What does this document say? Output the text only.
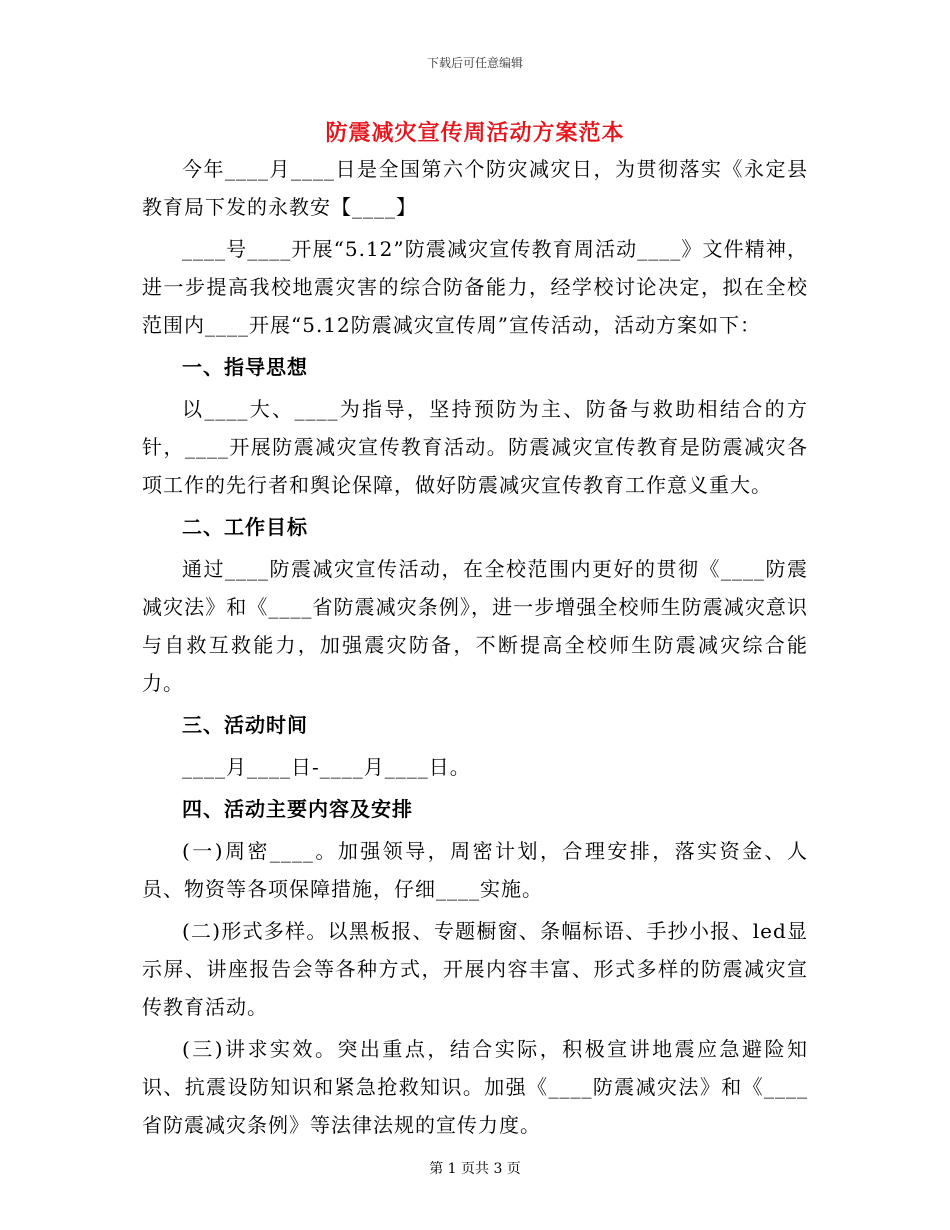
下载后可任意编辑
防震减灾宣传周活动方案范本

今年____月____日是全国第六个防灾减灾日，为贯彻落实《永定县教育局下发的永教安【____】

____号____开展“5.12”防震减灾宣传教育周活动____》文件精神，进一步提高我校地震灾害的综合防备能力，经学校讨论决定，拟在全校范围内____开展“5.12防震减灾宣传周”宣传活动，活动方案如下：

一、指导思想

以____大、____为指导，坚持预防为主、防备与救助相结合的方针，____开展防震减灾宣传教育活动。防震减灾宣传教育是防震减灾各项工作的先行者和舆论保障，做好防震减灾宣传教育工作意义重大。

二、工作目标

通过____防震减灾宣传活动，在全校范围内更好的贯彻《____防震减灾法》和《____省防震减灾条例》，进一步增强全校师生防震减灾意识与自救互救能力，加强震灾防备，不断提高全校师生防震减灾综合能力。

三、活动时间

____月____日-____月____日。

四、活动主要内容及安排

(一)周密____。加强领导，周密计划，合理安排，落实资金、人员、物资等各项保障措施，仔细____实施。

(二)形式多样。以黑板报、专题橱窗、条幅标语、手抄小报、led显示屏、讲座报告会等各种方式，开展内容丰富、形式多样的防震减灾宣传教育活动。

(三)讲求实效。突出重点，结合实际，积极宣讲地震应急避险知识、抗震设防知识和紧急抢救知识。加强《____防震减灾法》和《____省防震减灾条例》等法律法规的宣传力度。

第 1 页共 3 页
